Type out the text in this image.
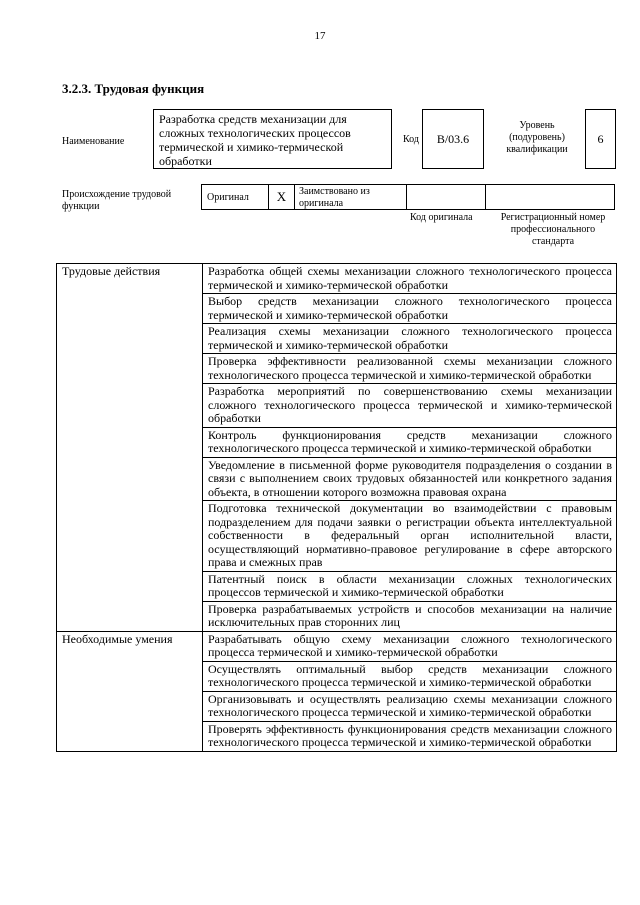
17
3.2.3. Трудовая функция
Наименование
Разработка средств механизации для сложных технологических процессов термической и химико-термической обработки
Код	B/03.6
Уровень (подуровень) квалификации
6
Происхождение трудовой функции
Оригинал	X	Заимствовано из оригинала
Код оригинала	Регистрационный номер профессионального стандарта
Трудовые действия	Разработка общей схемы механизации сложного технологического процесса термической и химико-термической обработки
	Выбор средств механизации сложного технологического процесса термической и химико-термической обработки
	Реализация схемы механизации сложного технологического процесса термической и химико-термической обработки
	Проверка эффективности реализованной схемы механизации сложного технологического процесса термической и химико-термической обработки
	Разработка мероприятий по совершенствованию схемы механизации сложного технологического процесса термической и химико-термической обработки
	Контроль функционирования средств механизации сложного технологического процесса термической и химико-термической обработки
	Уведомление в письменной форме руководителя подразделения о создании в связи с выполнением своих трудовых обязанностей или конкретного задания объекта, в отношении которого возможна правовая охрана
	Подготовка технической документации во взаимодействии с правовым подразделением для подачи заявки о регистрации объекта интеллектуальной собственности в федеральный орган исполнительной власти, осуществляющий нормативно-правовое регулирование в сфере авторского права и смежных прав
	Патентный поиск в области механизации сложных технологических процессов термической и химико-термической обработки
	Проверка разрабатываемых устройств и способов механизации на наличие исключительных прав сторонних лиц
Необходимые умения	Разрабатывать общую схему механизации сложного технологического процесса термической и химико-термической обработки
	Осуществлять оптимальный выбор средств механизации сложного технологического процесса термической и химико-термической обработки
	Организовывать и осуществлять реализацию схемы механизации сложного технологического процесса термической и химико-термической обработки
	Проверять эффективность функционирования средств механизации сложного технологического процесса термической и химико-термической обработки
